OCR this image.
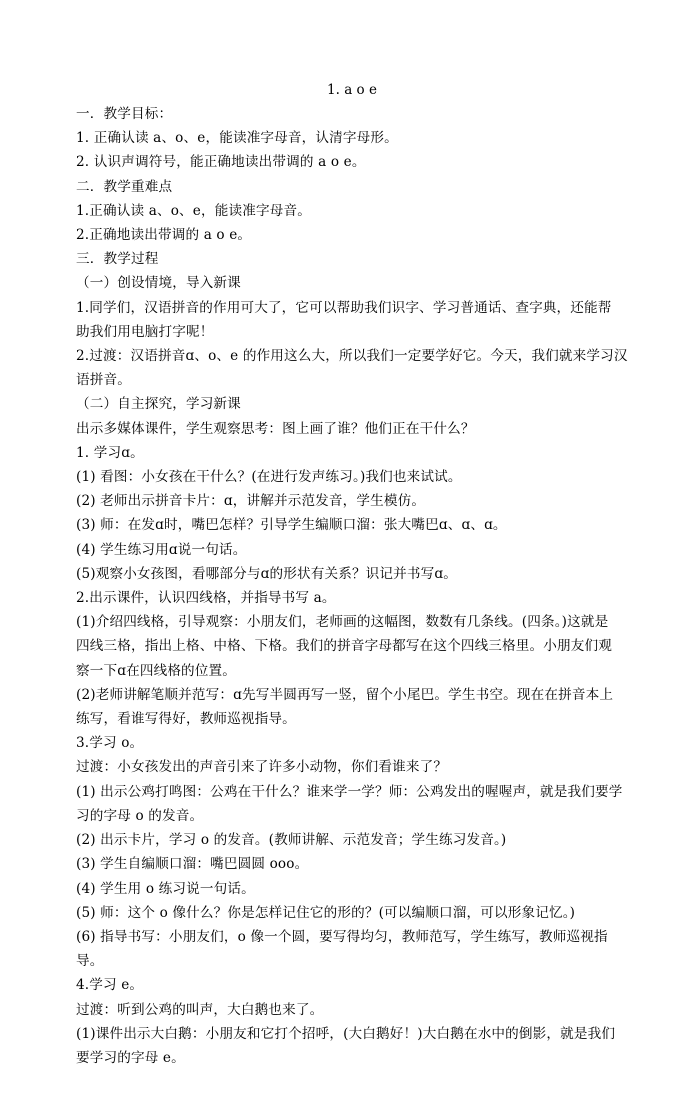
1. a o e

一．教学目标：

1. 正确认读 a、o、e，能读准字母音，认清字母形。

2. 认识声调符号，能正确地读出带调的 a o e。

二．教学重难点

1.正确认读 a、o、e，能读准字母音。

2.正确地读出带调的 a o e。

三．教学过程

（一）创设情境，导入新课

1.同学们，汉语拼音的作用可大了，它可以帮助我们识字、学习普通话、查字典，还能帮

助我们用电脑打字呢！

2.过渡：汉语拼音ɑ、o、e 的作用这么大，所以我们一定要学好它。今天，我们就来学习汉

语拼音。

（二）自主探究，学习新课

出示多媒体课件，学生观察思考：图上画了谁？他们正在干什么？

1. 学习ɑ。

(1) 看图：小女孩在干什么？(在进行发声练习。)我们也来试试。

(2) 老师出示拼音卡片：ɑ，讲解并示范发音，学生模仿。

(3) 师：在发ɑ时，嘴巴怎样？引导学生编顺口溜：张大嘴巴ɑ、ɑ、ɑ。

(4) 学生练习用ɑ说一句话。

(5)观察小女孩图，看哪部分与ɑ的形状有关系？识记并书写ɑ。

2.出示课件，认识四线格，并指导书写 a。

(1)介绍四线格，引导观察：小朋友们，老师画的这幅图，数数有几条线。(四条。)这就是

四线三格，指出上格、中格、下格。我们的拼音字母都写在这个四线三格里。小朋友们观

察一下ɑ在四线格的位置。

(2)老师讲解笔顺并范写：ɑ先写半圆再写一竖，留个小尾巴。学生书空。现在在拼音本上

练写，看谁写得好，教师巡视指导。

3.学习 o。

过渡：小女孩发出的声音引来了许多小动物，你们看谁来了？

(1) 出示公鸡打鸣图：公鸡在干什么？谁来学一学？师：公鸡发出的喔喔声，就是我们要学

习的字母 o 的发音。

(2) 出示卡片，学习 o 的发音。(教师讲解、示范发音；学生练习发音。)

(3) 学生自编顺口溜：嘴巴圆圆 ooo。

(4) 学生用 o 练习说一句话。

(5) 师：这个 o 像什么？你是怎样记住它的形的？(可以编顺口溜，可以形象记忆。)

(6) 指导书写：小朋友们，o 像一个圆，要写得均匀，教师范写，学生练写，教师巡视指导。

4.学习 e。

过渡：听到公鸡的叫声，大白鹅也来了。

(1)课件出示大白鹅：小朋友和它打个招呼，(大白鹅好！)大白鹅在水中的倒影，就是我们

要学习的字母 e。
